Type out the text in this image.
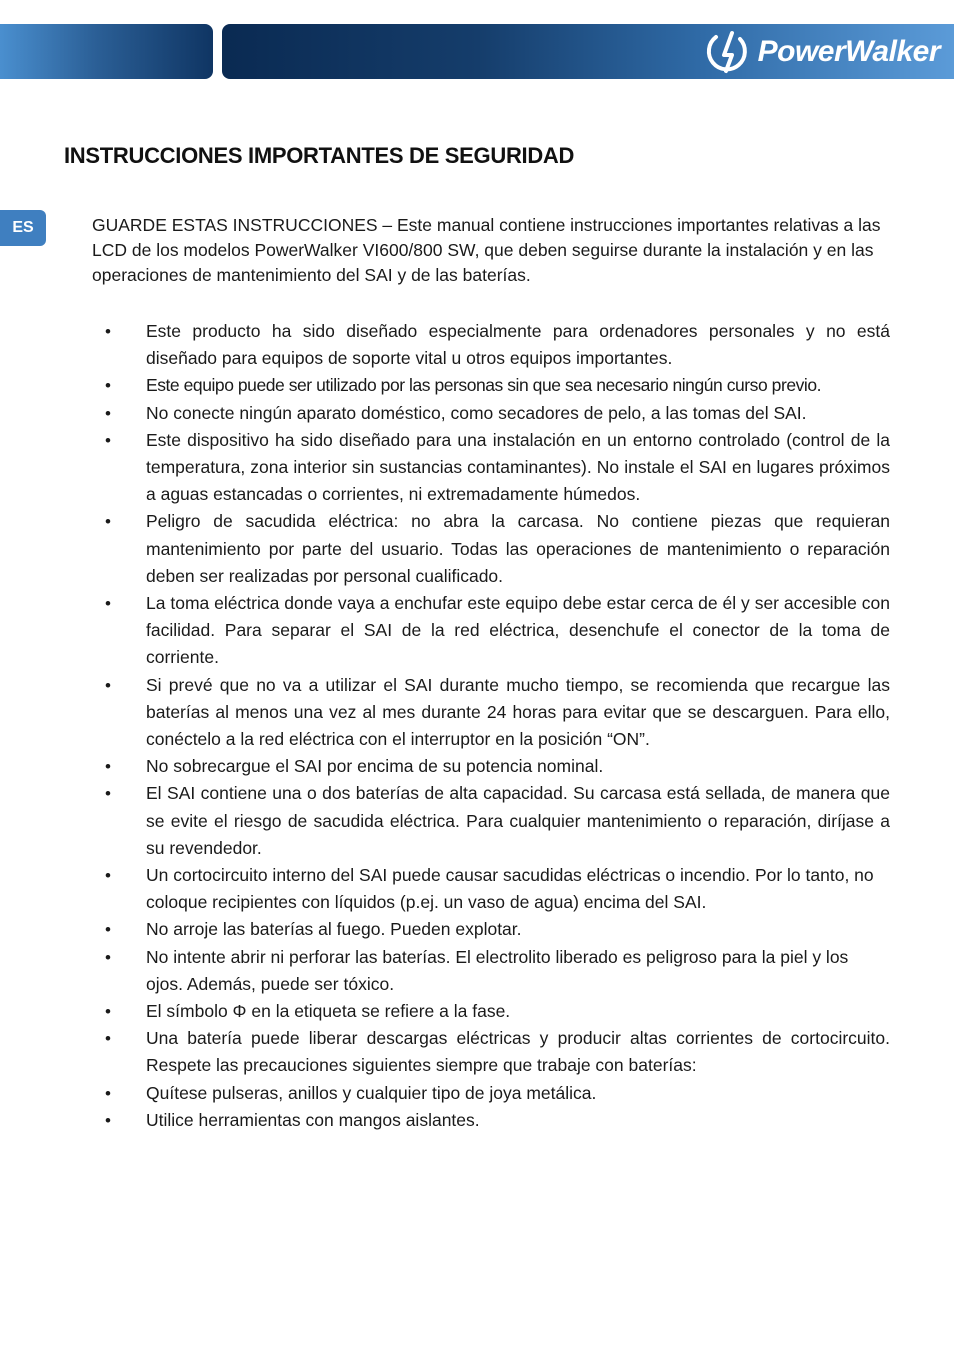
PowerWalker
INSTRUCCIONES IMPORTANTES DE SEGURIDAD
ES	GUARDE ESTAS INSTRUCCIONES – Este manual contiene instrucciones importantes relativas a las LCD de los modelos PowerWalker VI600/800 SW, que deben seguirse durante la instalación y en las operaciones de mantenimiento del SAI y de las baterías.

• Este producto ha sido diseñado especialmente para ordenadores personales y no está diseñado para equipos de soporte vital u otros equipos importantes.
• Este equipo puede ser utilizado por las personas sin que sea necesario ningún curso previo.
• No conecte ningún aparato doméstico, como secadores de pelo, a las tomas del SAI.
• Este dispositivo ha sido diseñado para una instalación en un entorno controlado (control de la temperatura, zona interior sin sustancias contaminantes). No instale el SAI en lugares próximos a aguas estancadas o corrientes, ni extremadamente húmedos.
• Peligro de sacudida eléctrica: no abra la carcasa. No contiene piezas que requieran mantenimiento por parte del usuario. Todas las operaciones de mantenimiento o reparación deben ser realizadas por personal cualificado.
• La toma eléctrica donde vaya a enchufar este equipo debe estar cerca de él y ser accesible con facilidad. Para separar el SAI de la red eléctrica, desenchufe el conector de la toma de corriente.
• Si prevé que no va a utilizar el SAI durante mucho tiempo, se recomienda que recargue las baterías al menos una vez al mes durante 24 horas para evitar que se descarguen. Para ello, conéctelo a la red eléctrica con el interruptor en la posición “ON”.
• No sobrecargue el SAI por encima de su potencia nominal.
• El SAI contiene una o dos baterías de alta capacidad. Su carcasa está sellada, de manera que se evite el riesgo de sacudida eléctrica. Para cualquier mantenimiento o reparación, diríjase a su revendedor.
• Un cortocircuito interno del SAI puede causar sacudidas eléctricas o incendio. Por lo tanto, no coloque recipientes con líquidos (p.ej. un vaso de agua) encima del SAI.
• No arroje las baterías al fuego. Pueden explotar.
• No intente abrir ni perforar las baterías. El electrolito liberado es peligroso para la piel y los ojos. Además, puede ser tóxico.
• El símbolo Φ en la etiqueta se refiere a la fase.
• Una batería puede liberar descargas eléctricas y producir altas corrientes de cortocircuito. Respete las precauciones siguientes siempre que trabaje con baterías:
• Quítese pulseras, anillos y cualquier tipo de joya metálica.
• Utilice herramientas con mangos aislantes.
